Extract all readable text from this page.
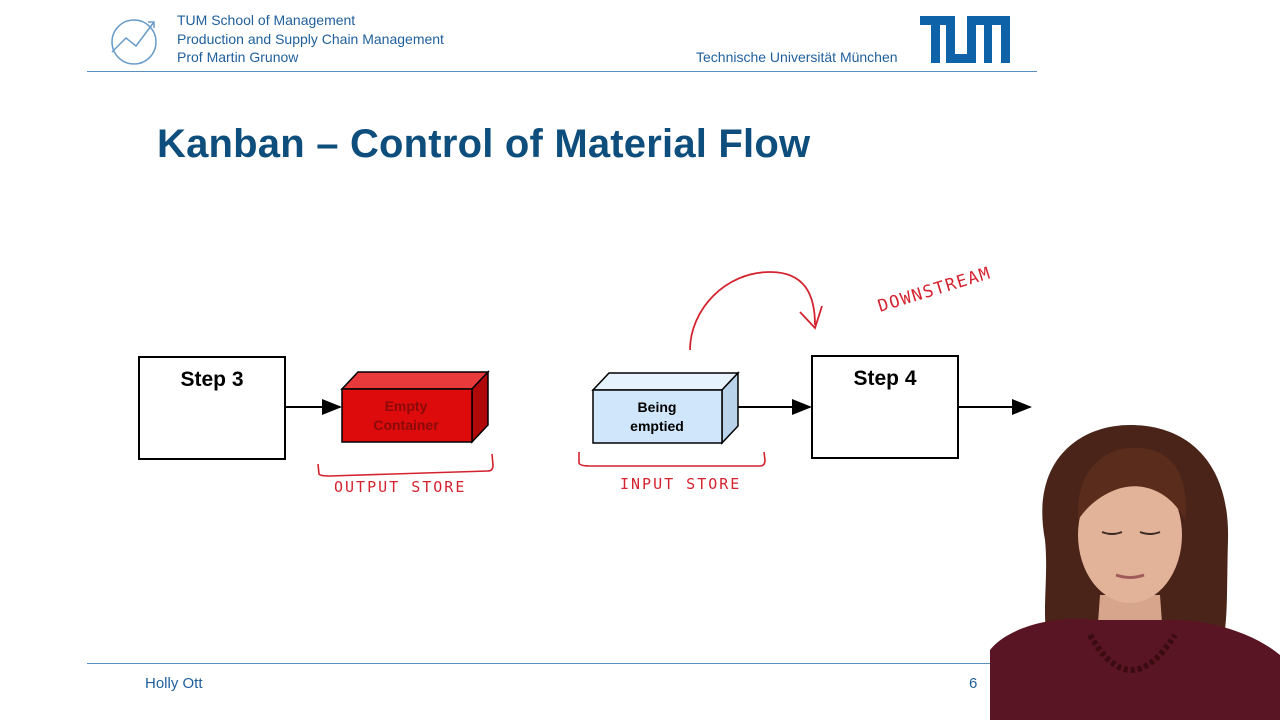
TUM School of Management
Production and Supply Chain Management
Prof Martin Grunow	Technische Universität München
Kanban – Control of Material Flow
Step 3
Empty
Container
Being
emptied
Step 4
OUTPUT STORE	INPUT STORE
DOWNSTREAM
Holly Ott	6
